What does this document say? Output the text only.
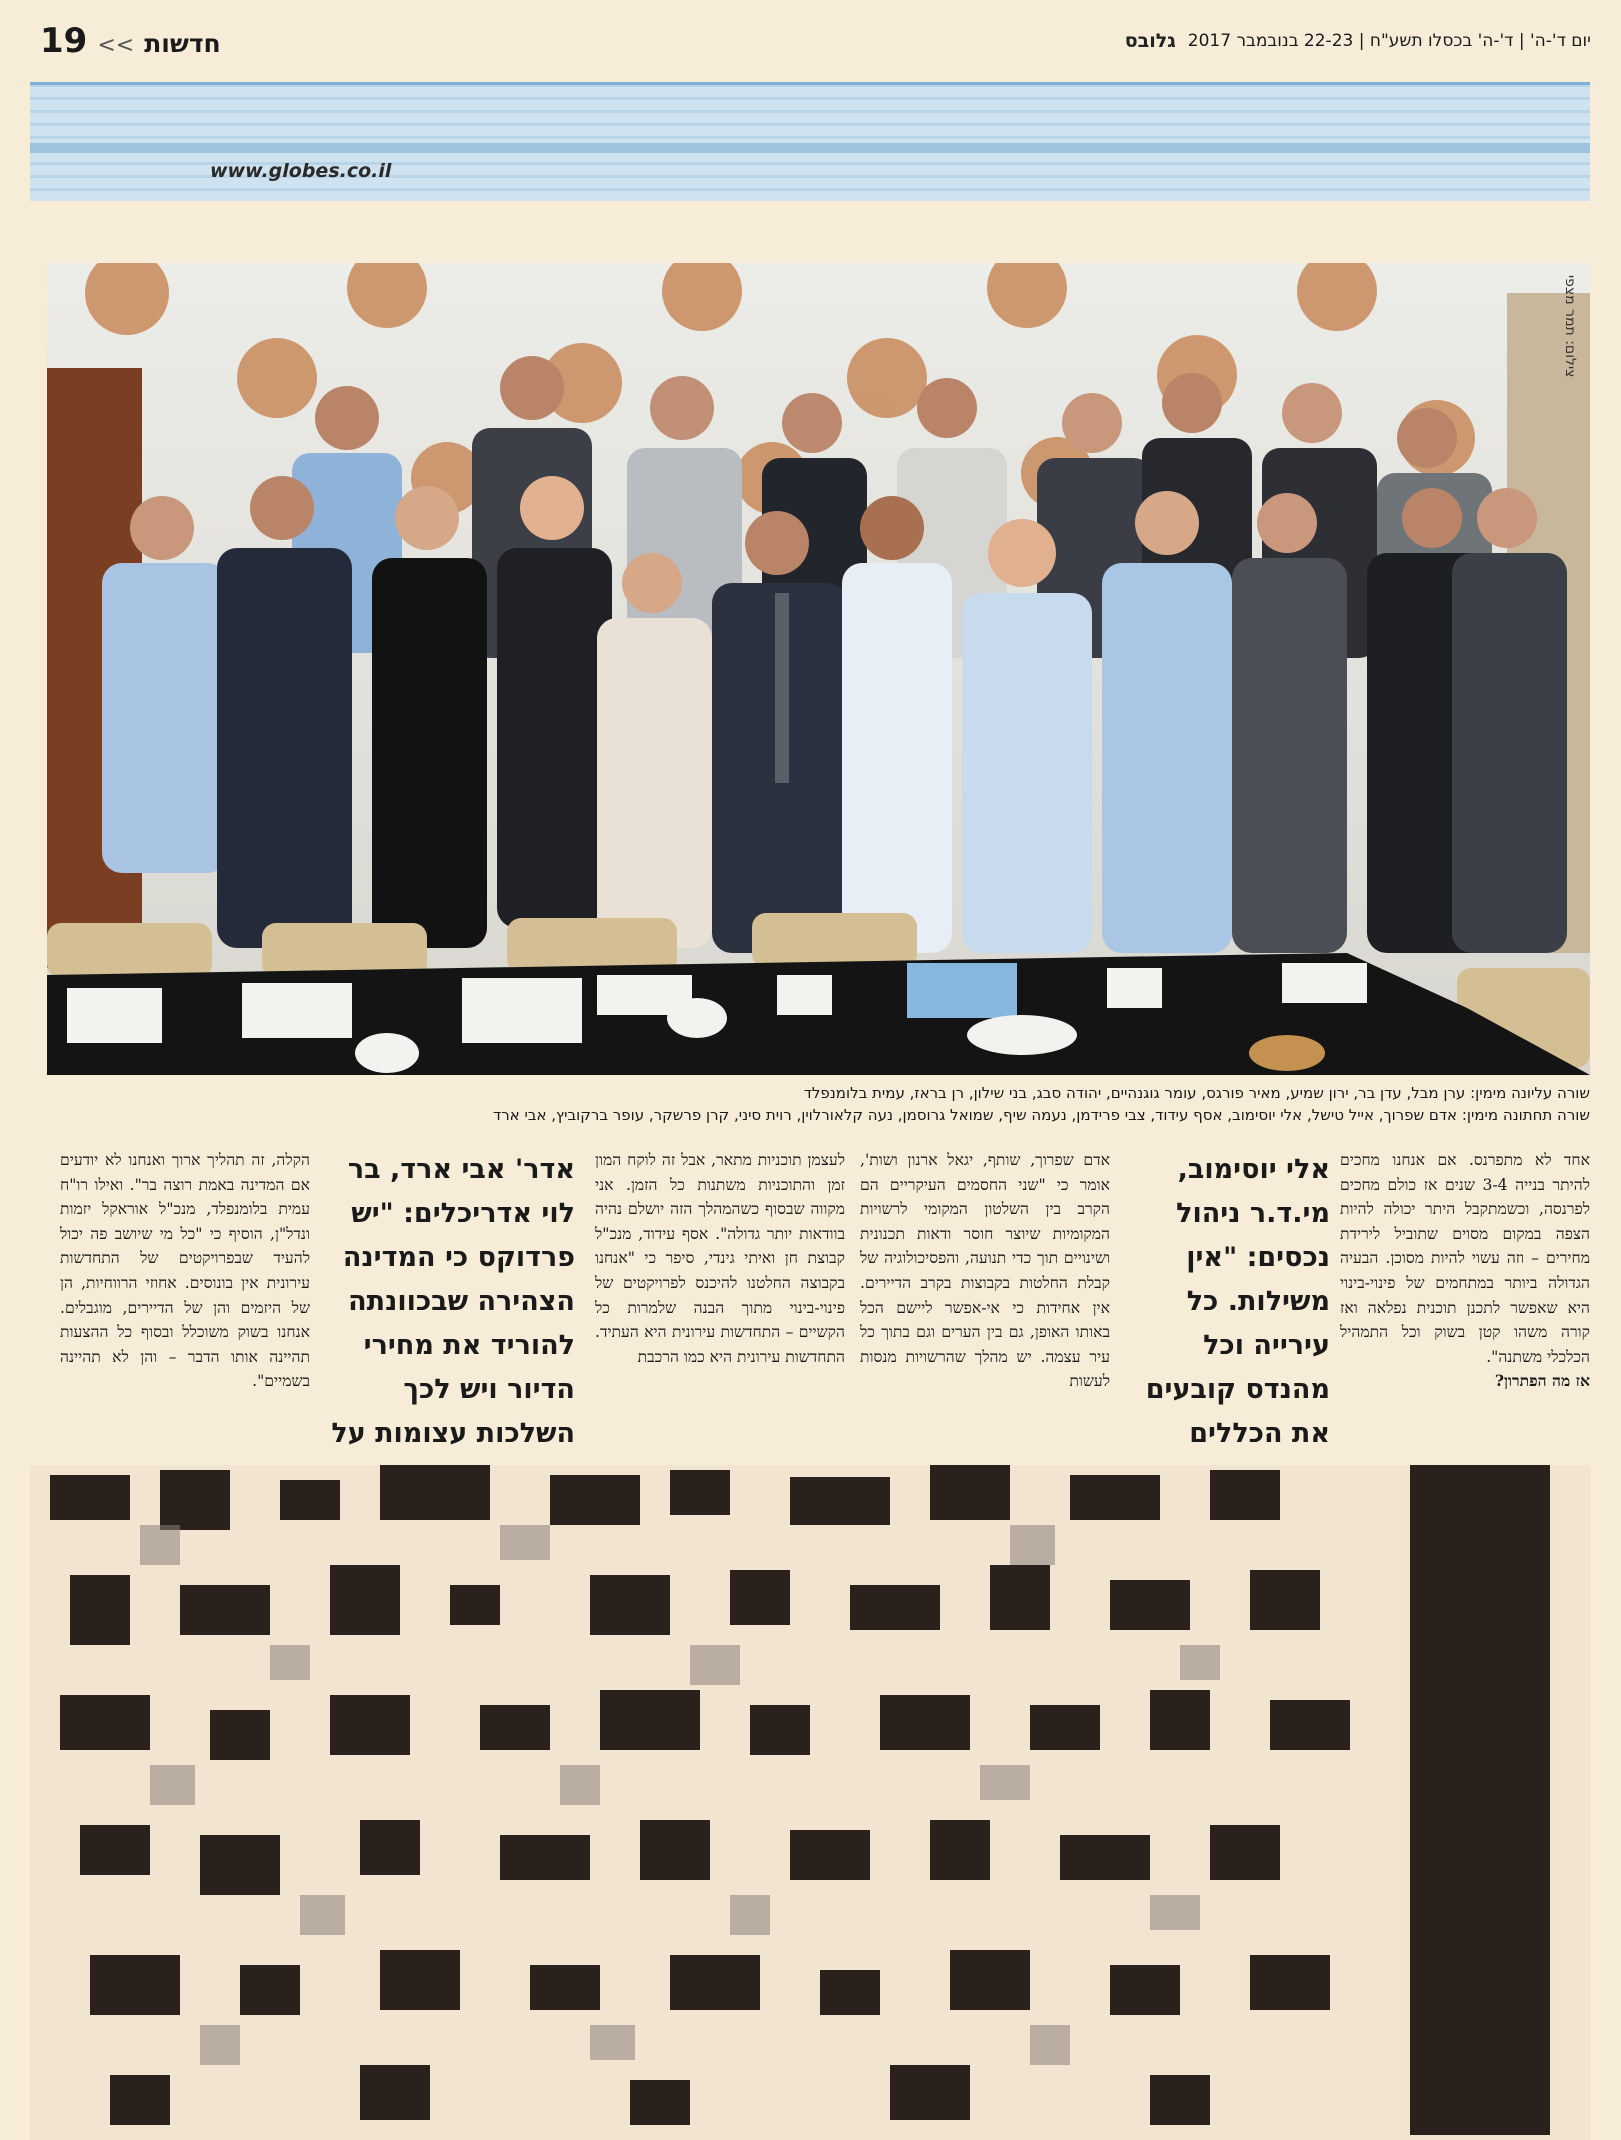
19 << חדשות	יום ד'-ה' | ד'-ה' בכסלו תשע"ח | 22-23 בנובמבר 2017
גלובס
www.globes.co.il
צילום: תמר מצפי
שורה עליונה מימין: ערן מבל, עדן בר, ירון שמיע, מאיר פורגס, עומר גוגנהיים, יהודה סבג, בני שילון, רן בראז, עמית בלומנפלד
שורה תחתונה מימין: אדם שפרוך, אייל טישל, אלי יוסימוב, אסף עידוד, צבי פרידמן, נעמה שיף, שמואל גרוסמן, נעה קלאורלוין, רוית סיני, קרן פרשקר, עופר ברקוביץ, אבי ארד

אחד לא מתפרנס. אם אנחנו מחכים להיתר בנייה 3-4 שנים אז כולם מחכים לפרנסה, וכשמתקבל היתר יכולה להיות הצפה במקום מסוים שתוביל לירידת מחירים – וזה עשוי להיות מסוכן. הבעיה הגדולה ביותר במתחמים של פינוי-בינוי היא שאפשר לתכנן תוכנית נפלאה ואז קורה משהו קטן בשוק וכל התמהיל הכלכלי משתנה".

אז מה הפתרון?

אלי יוסימוב, מי.ד.ר ניהול נכסים: "אין משילות. כל עירייה וכל מהנדס קובעים את הכללים

אדם שפרוך, שותף, יגאל ארנון ושות', אומר כי "שני החסמים העיקריים הם הקרב בין השלטון המקומי לרשויות המקומיות שיוצר חוסר ודאות תכנונית ושינויים תוך כדי תנועה, והפסיכולוגיה של קבלת החלטות בקבוצות בקרב הדיירים. אין אחידות כי אי-אפשר ליישם הכל באותו האופן, גם בין הערים וגם בתוך כל עיר עצמה. יש מהלך שהרשויות מנסות לעשות

לעצמן תוכניות מתאר, אבל זה לוקח המון זמן והתוכניות משתנות כל הזמן. אני מקווה שבסוף כשהמהלך הזה יושלם נהיה בוודאות יותר גדולה". אסף עידוד, מנכ"ל קבוצת חן ואיתי גינדי, סיפר כי "אנחנו בקבוצה החלטנו להיכנס לפרויקטים של פינוי-בינוי מתוך הבנה שלמרות כל הקשיים – התחדשות עירונית היא העתיד. התחדשות עירונית היא כמו הרכבת

אדר' אבי ארד, בר לוי אדריכלים: "יש פרדוקס כי המדינה הצהירה שבכוונתה להוריד את מחירי הדיור ויש לכך השלכות עצומות על

הקלה, זה תהליך ארוך ואנחנו לא יודעים אם המדינה באמת רוצה בר". ואילו רו"ח עמית בלומנפלד, מנכ"ל אוראקל יזמות ונדל"ן, הוסיף כי "כל מי שיושב פה יכול להעיד שבפרויקטים של התחדשות עירונית אין בונוסים. אחוזי הרווחיות, הן של היזמים והן של הדיירים, מוגבלים. אנחנו בשוק משוכלל ובסוף כל ההצעות תהיינה אותו הדבר – והן לא תהיינה בשמיים".
